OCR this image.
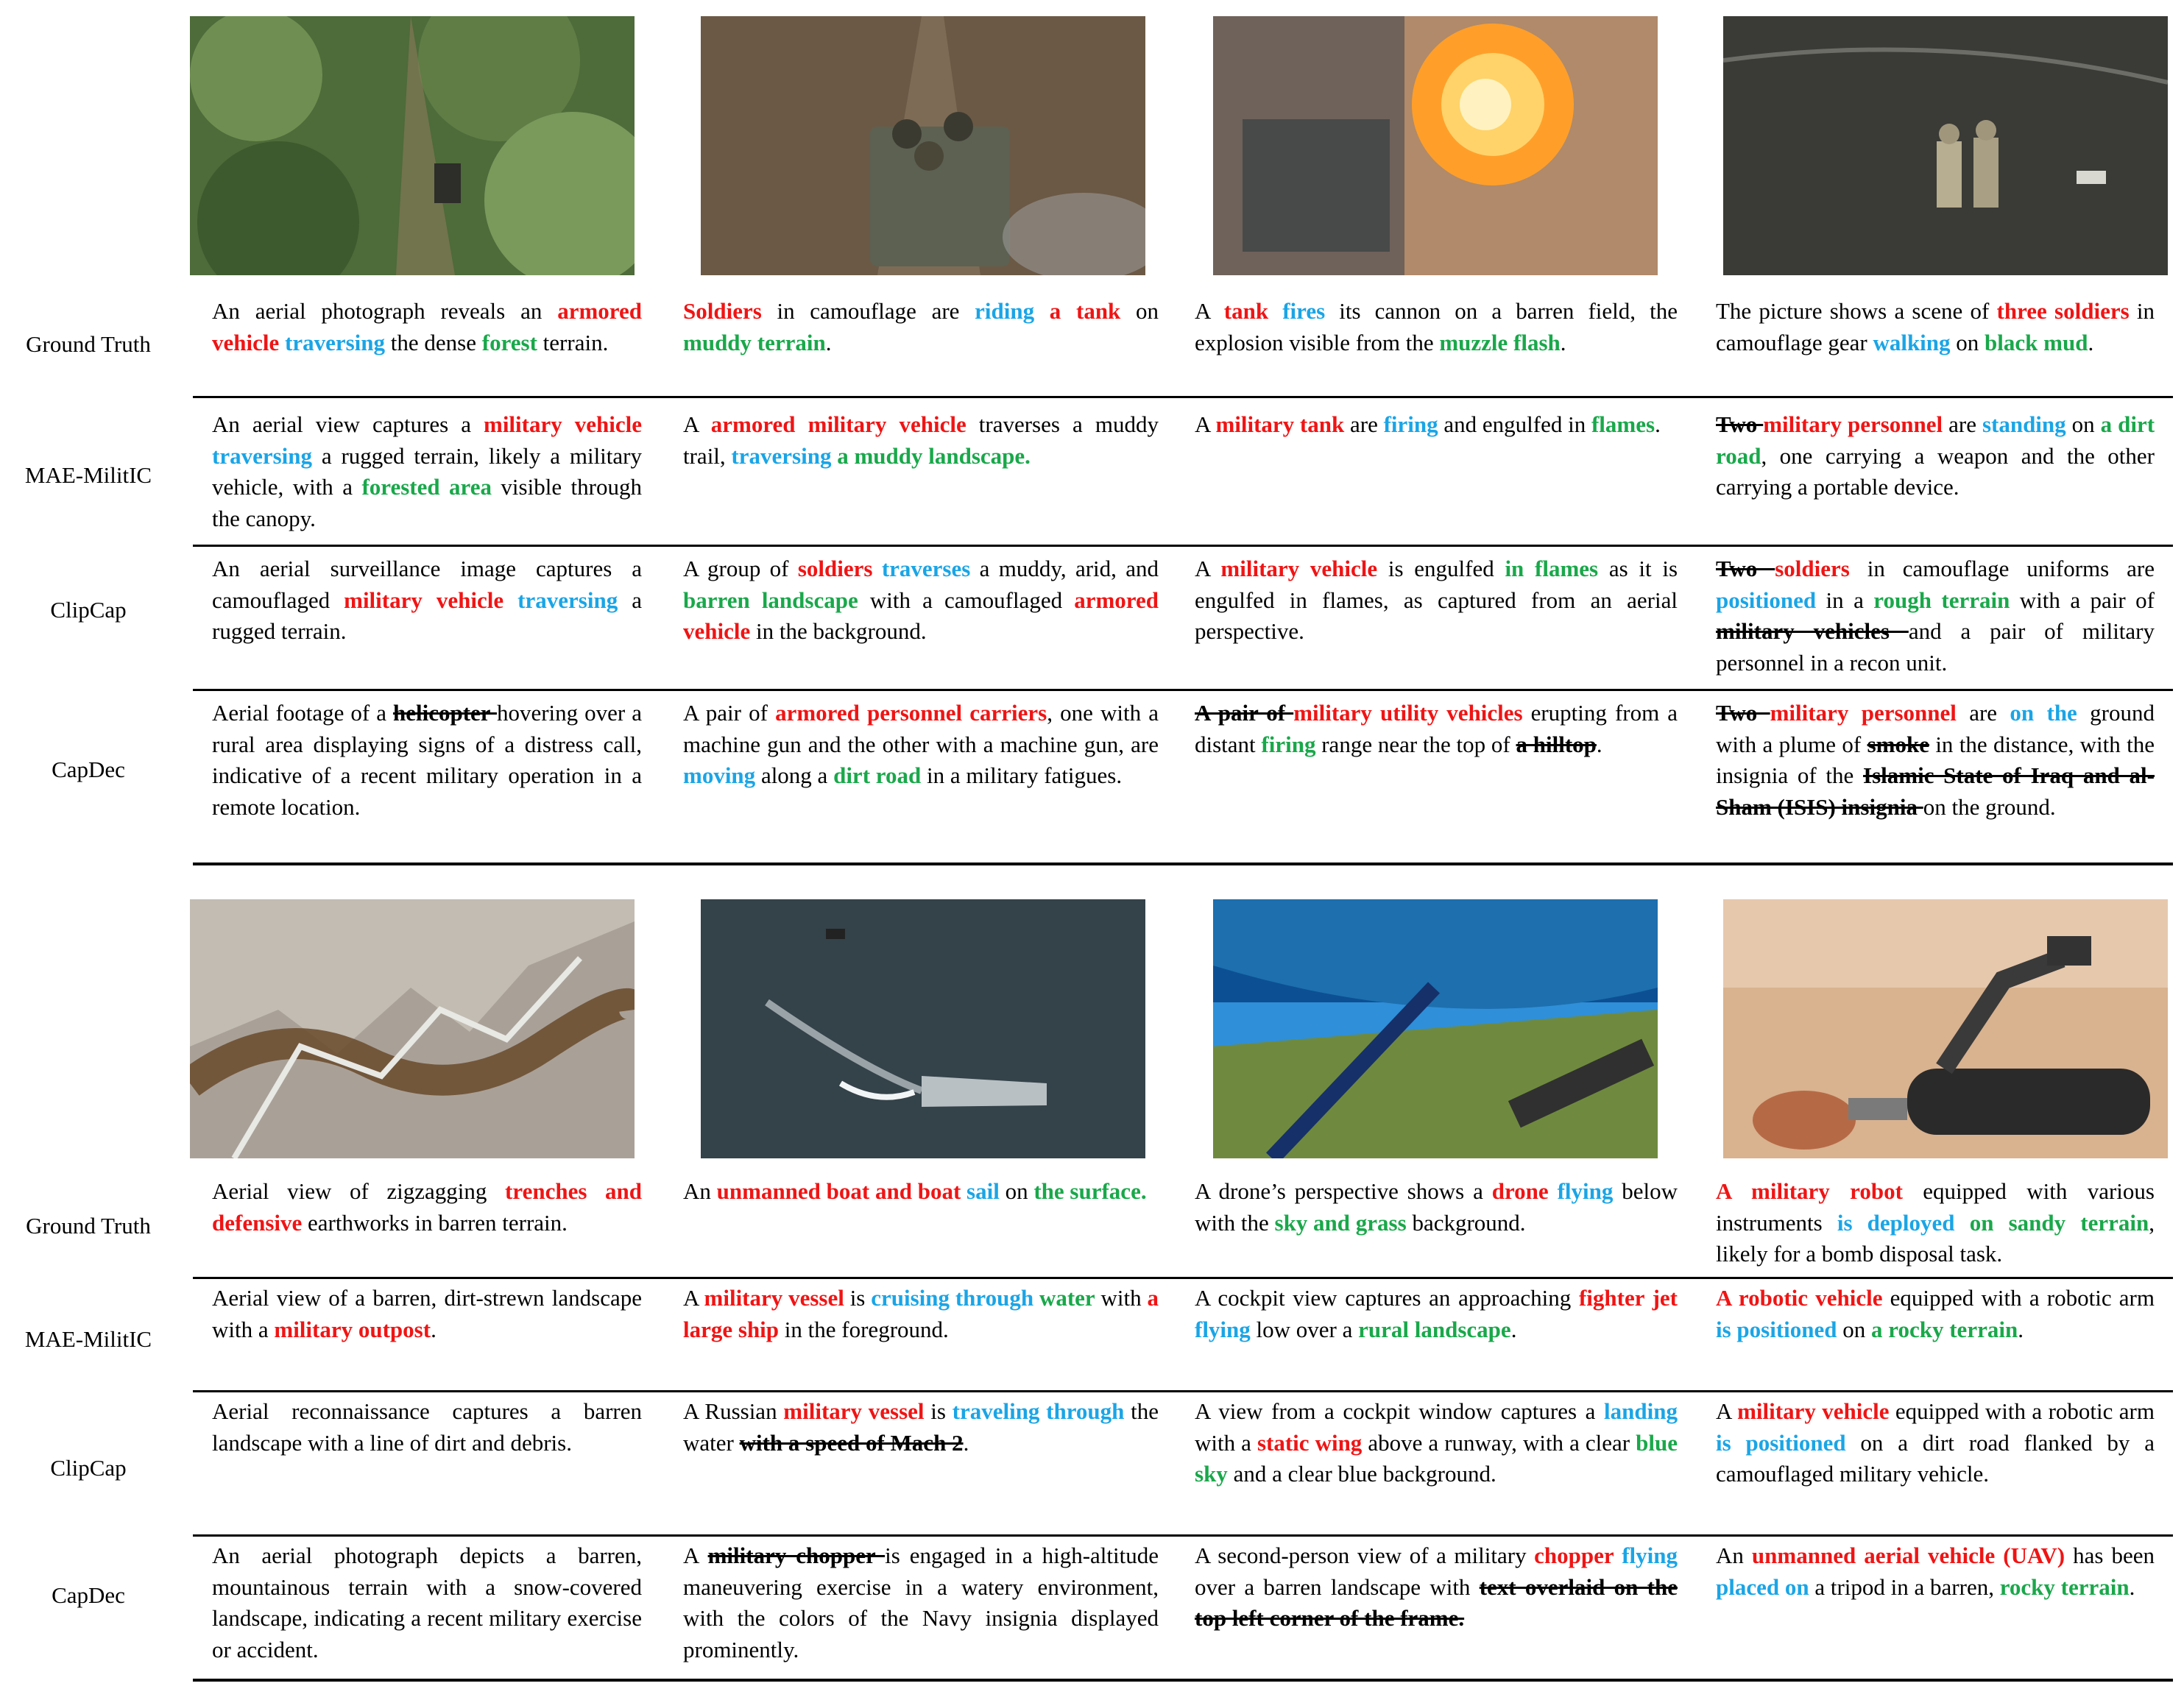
Ground Truth
MAE-MilitIC
ClipCap
CapDec
An aerial photograph reveals an armored vehicle traversing the dense forest terrain.
Soldiers in camouflage are riding a tank on muddy terrain.
A tank fires its cannon on a barren field, the explosion visible from the muzzle flash.
The picture shows a scene of three soldiers in camouflage gear walking on black mud.
An aerial view captures a military vehicle traversing a rugged terrain, likely a military vehicle, with a forested area visible through the canopy.
A armored military vehicle traverses a muddy trail, traversing a muddy landscape.
A military tank are firing and engulfed in flames.	Two military personnel are standing on a dirt road, one carrying a weapon and the other carrying a portable device.
An aerial surveillance image captures a camouflaged military vehicle traversing a rugged terrain.
A group of soldiers traverses a muddy, arid, and barren landscape with a camouflaged armored vehicle in the background.
A military vehicle is engulfed in flames as it is engulfed in flames, as captured from an aerial perspective.
Two soldiers in camouflage uniforms are positioned in a rough terrain with a pair of military vehicles and a pair of military personnel in a recon unit.
Aerial footage of a helicopter hovering over a rural area displaying signs of a distress call, indicative of a recent military operation in a remote location.
A pair of armored personnel carriers, one with a machine gun and the other with a machine gun, are moving along a dirt road in a military fatigues.
A pair of military utility vehicles erupting from a distant firing range near the top of a hilltop.
Two military personnel are on the ground with a plume of smoke in the distance, with the insignia of the Islamic State of Iraq and al-Sham (ISIS) insignia on the ground.
Ground Truth
MAE-MilitIC
ClipCap
CapDec
Aerial view of zigzagging trenches and defensive earthworks in barren terrain.
An unmanned boat and boat sail on the surface.	A drone’s perspective shows a drone flying below with the sky and grass background.
A military robot equipped with various instruments is deployed on sandy terrain, likely for a bomb disposal task.
Aerial view of a barren, dirt-strewn landscape with a military outpost.
A military vessel is cruising through water with a large ship in the foreground.
A cockpit view captures an approaching fighter jet flying low over a rural landscape.
A robotic vehicle equipped with a robotic arm is positioned on a rocky terrain.
Aerial reconnaissance captures a barren landscape with a line of dirt and debris.
A Russian military vessel is traveling through the water with a speed of Mach 2.
A view from a cockpit window captures a landing with a static wing above a runway, with a clear blue sky and a clear blue background.
A military vehicle equipped with a robotic arm is positioned on a dirt road flanked by a camouflaged military vehicle.
An aerial photograph depicts a barren, mountainous terrain with a snow-covered landscape, indicating a recent military exercise or accident.
A military chopper is engaged in a high-altitude maneuvering exercise in a watery environment, with the colors of the Navy insignia displayed prominently.
A second-person view of a military chopper flying over a barren landscape with text overlaid on the top left corner of the frame.
An unmanned aerial vehicle (UAV) has been placed on a tripod in a barren, rocky terrain.
